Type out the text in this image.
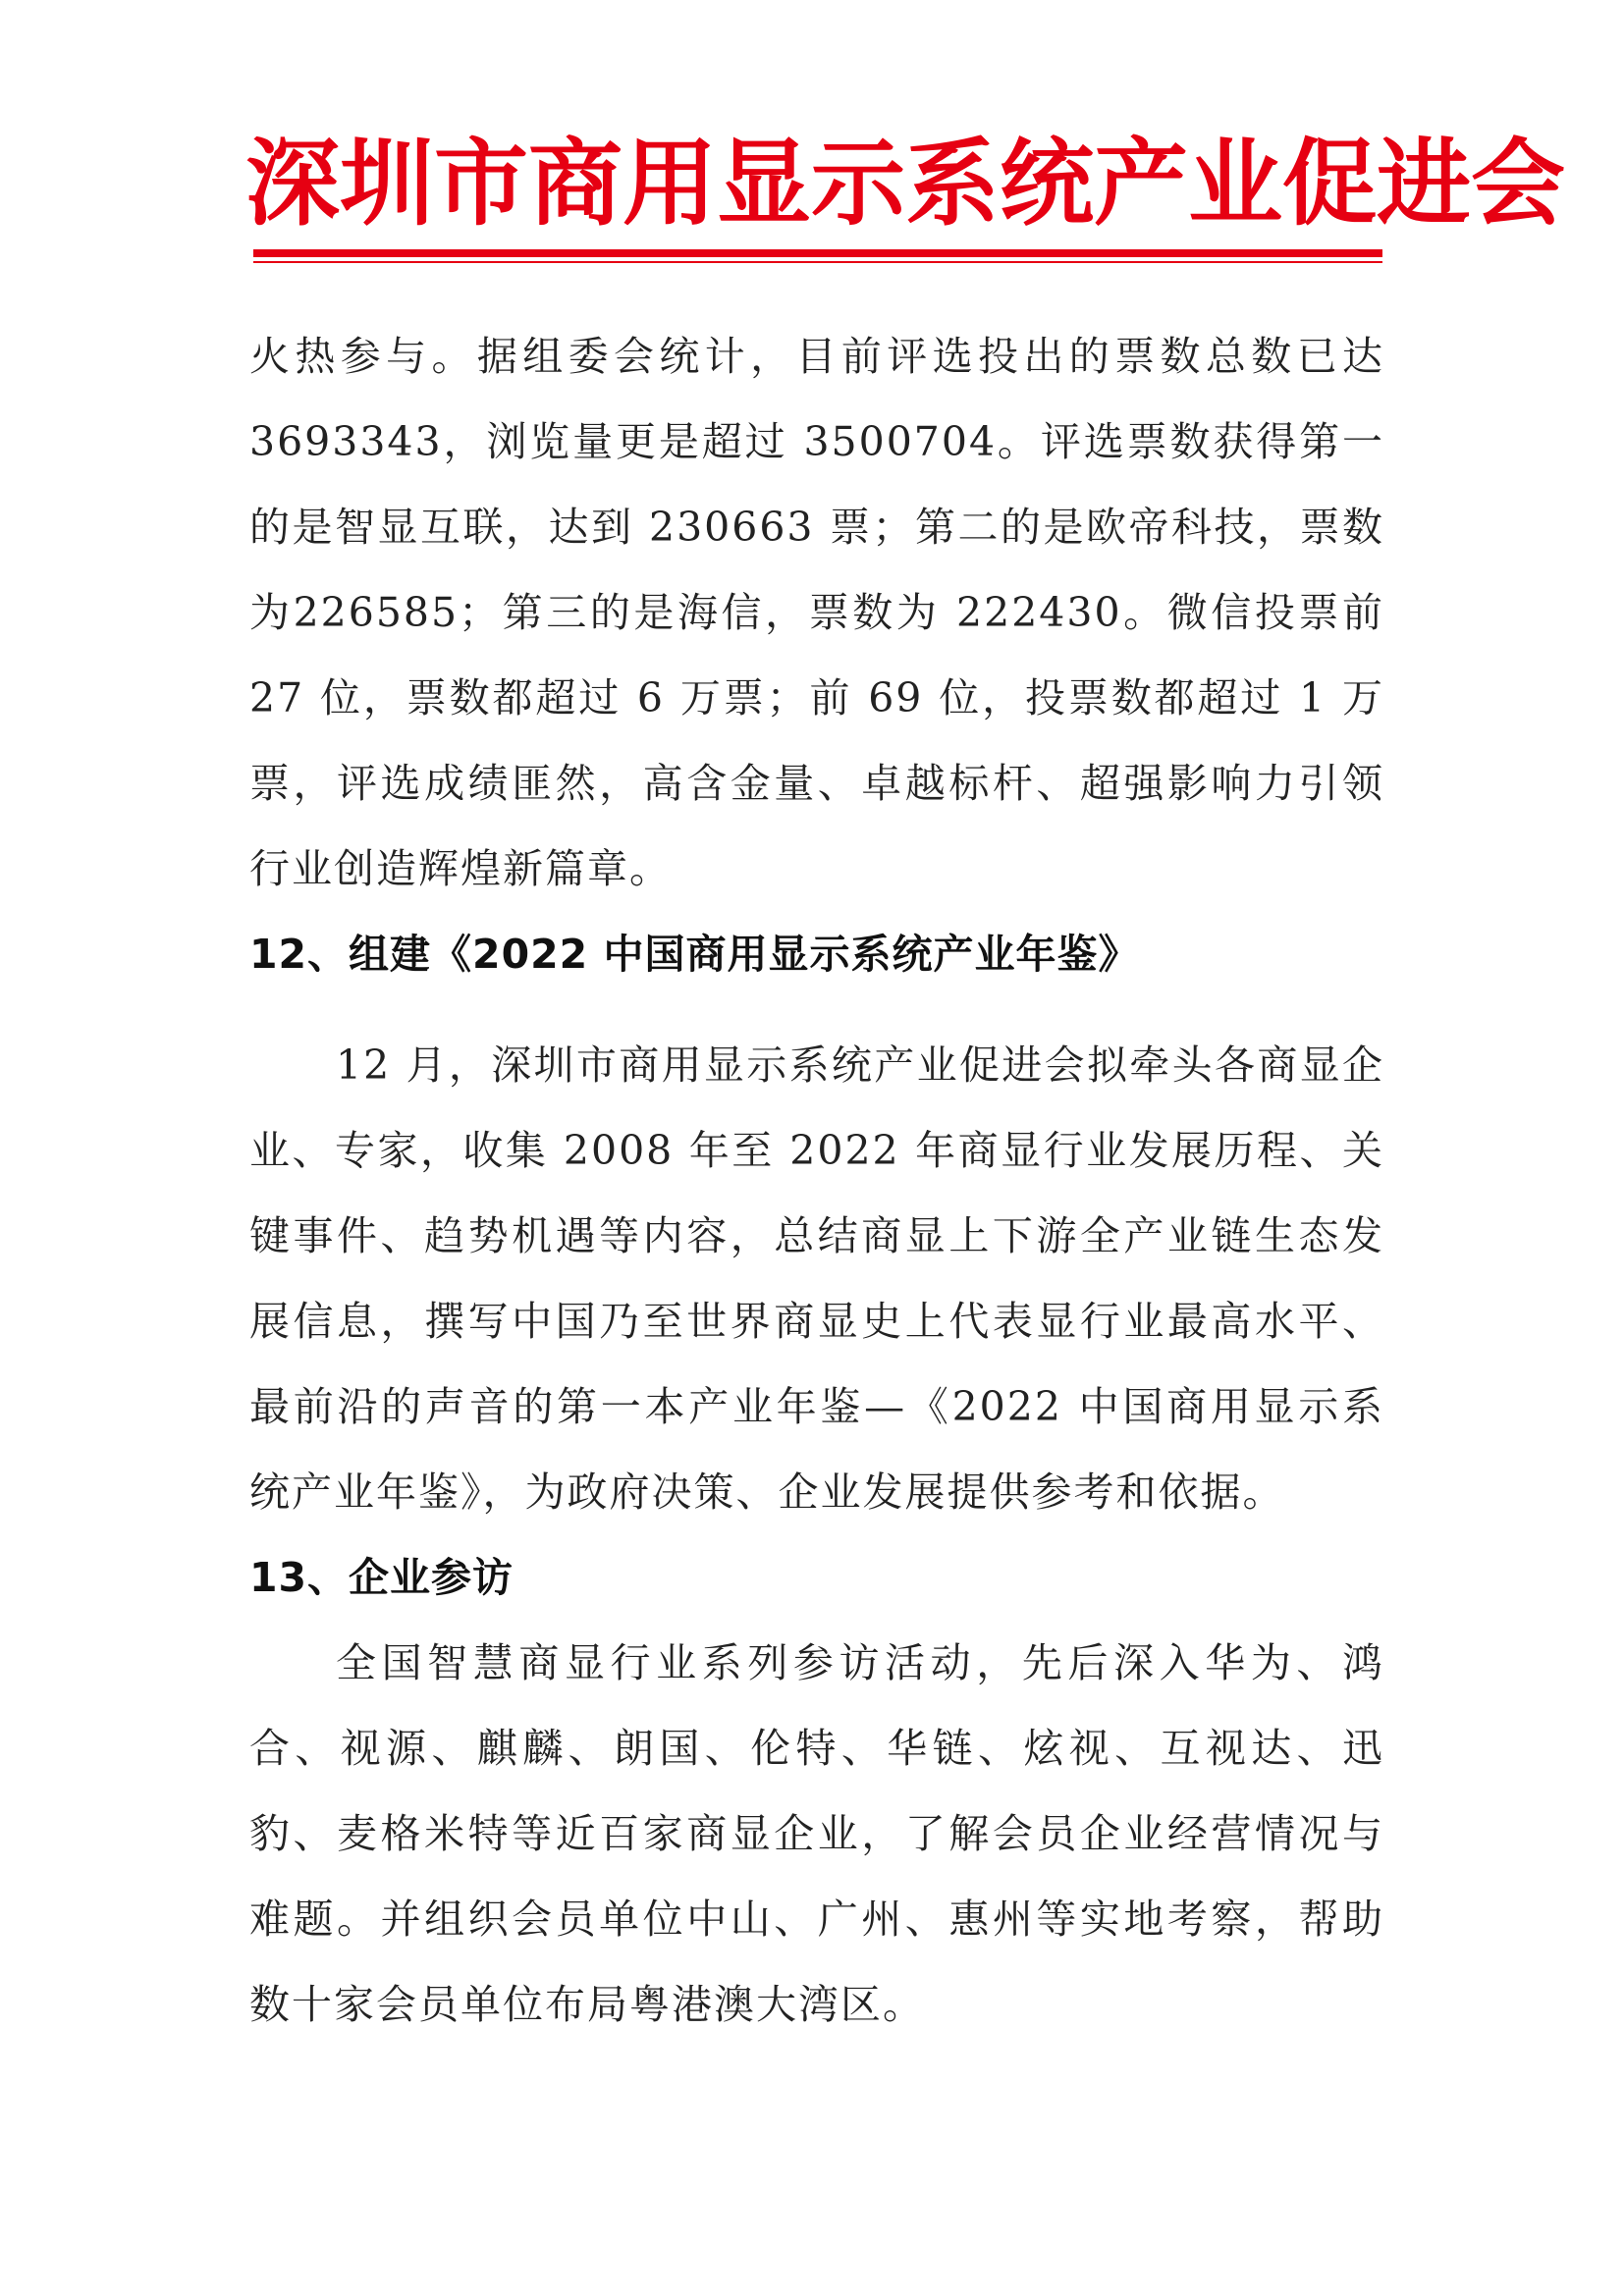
深圳市商用显示系统产业促进会

火热参与。据组委会统计，目前评选投出的票数总数已达3693343，浏览量更是超过 3500704。评选票数获得第一的是智显互联，达到 230663 票；第二的是欧帝科技，票数为226585；第三的是海信，票数为 222430。微信投票前 27 位，票数都超过 6 万票；前 69 位，投票数都超过 1 万票，评选成绩匪然，高含金量、卓越标杆、超强影响力引领行业创造辉煌新篇章。

12、组建《2022 中国商用显示系统产业年鉴》

12 月，深圳市商用显示系统产业促进会拟牵头各商显企业、专家，收集 2008 年至 2022 年商显行业发展历程、关键事件、趋势机遇等内容，总结商显上下游全产业链生态发展信息，撰写中国乃至世界商显史上代表显行业最高水平、最前沿的声音的第一本产业年鉴—《2022 中国商用显示系统产业年鉴》，为政府决策、企业发展提供参考和依据。

13、企业参访

全国智慧商显行业系列参访活动，先后深入华为、鸿合、视源、麒麟、朗国、伦特、华链、炫视、互视达、迅豹、麦格米特等近百家商显企业，了解会员企业经营情况与难题。并组织会员单位中山、广州、惠州等实地考察，帮助数十家会员单位布局粤港澳大湾区。
